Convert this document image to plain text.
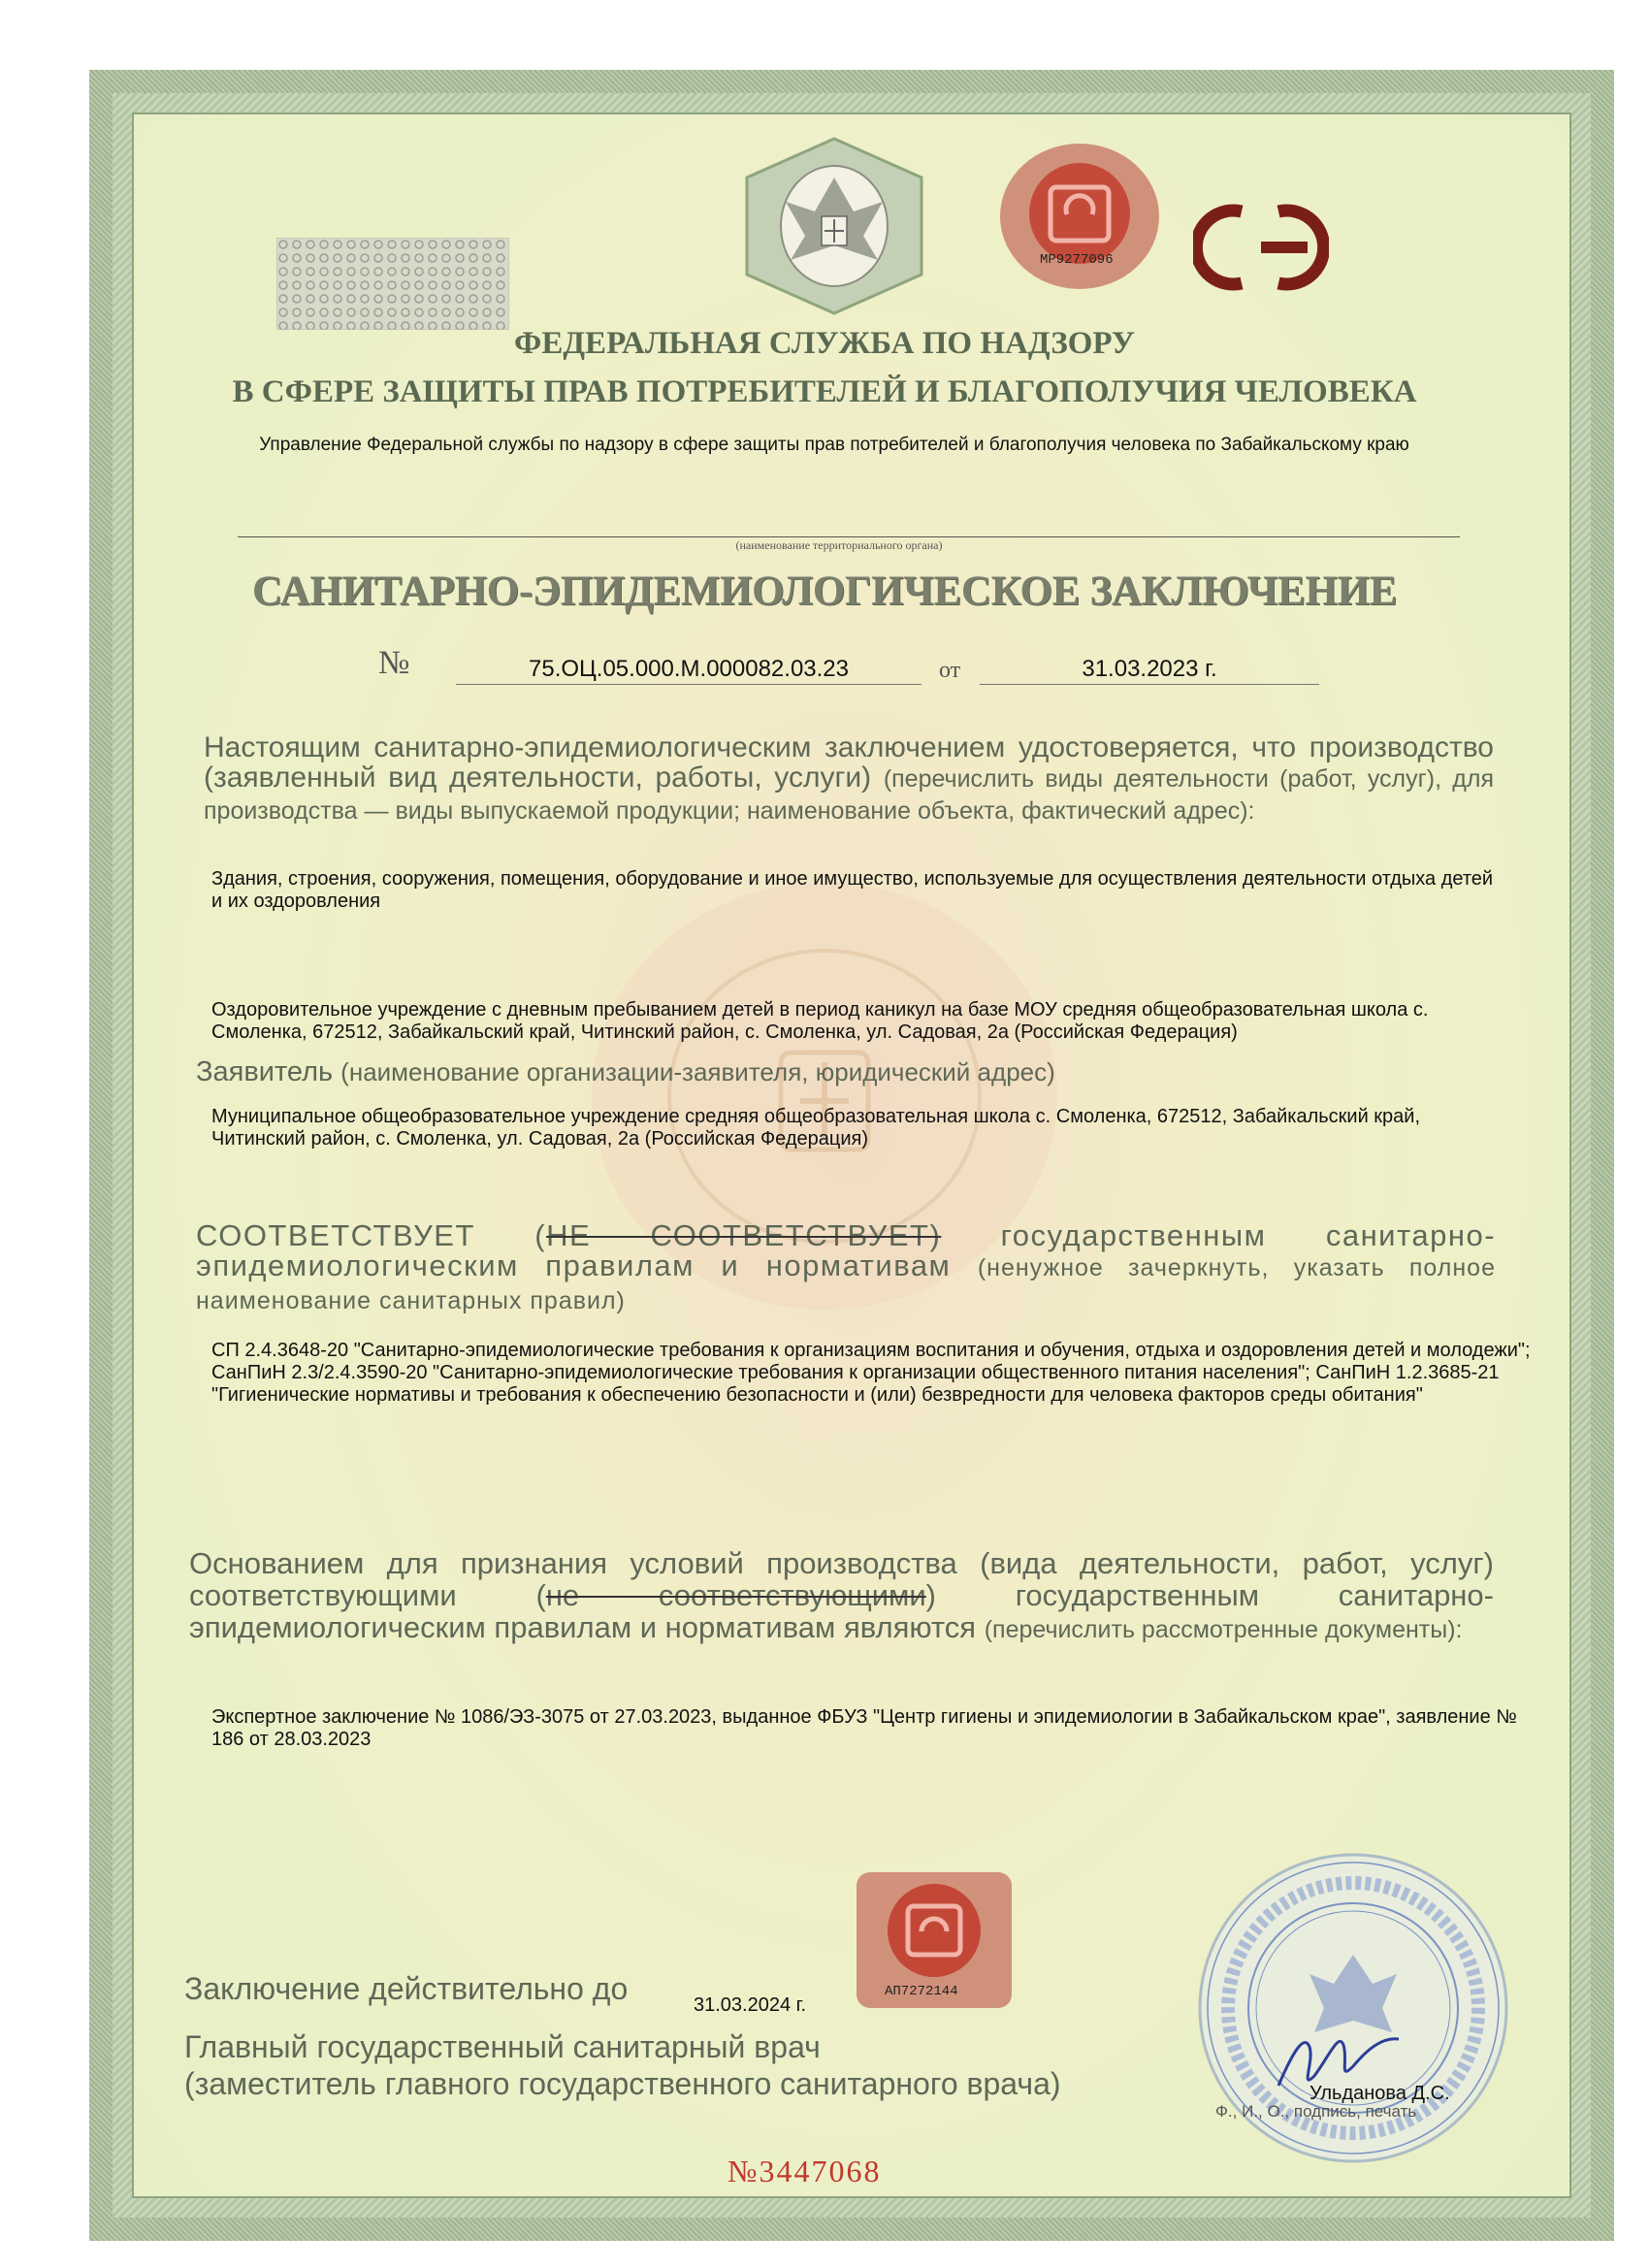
МР9277096
ФЕДЕРАЛЬНАЯ СЛУЖБА ПО НАДЗОРУ
В СФЕРЕ ЗАЩИТЫ ПРАВ ПОТРЕБИТЕЛЕЙ И БЛАГОПОЛУЧИЯ ЧЕЛОВЕКА
Управление Федеральной службы по надзору в сфере защиты прав потребителей и благополучия человека по Забайкальскому краю
(наименование территориального органа)
САНИТАРНО-ЭПИДЕМИОЛОГИЧЕСКОЕ ЗАКЛЮЧЕНИЕ
№	75.ОЦ.05.000.М.000082.03.23	от	31.03.2023 г.
Настоящим санитарно-эпидемиологическим заключением удостоверяется, что производство (заявленный вид деятельности, работы, услуги) (перечислить виды деятельности (работ, услуг), для производства — виды выпускаемой продукции; наименование объекта, фактический адрес):
Здания, строения, сооружения, помещения, оборудование и иное имущество, используемые для осуществления деятельности отдыха детей и их оздоровления
Оздоровительное учреждение с дневным пребыванием детей в период каникул на базе МОУ средняя общеобразовательная школа с. Смоленка, 672512, Забайкальский край, Читинский район, с. Смоленка, ул. Садовая, 2а (Российская Федерация)
Заявитель (наименование организации-заявителя, юридический адрес)
Муниципальное общеобразовательное учреждение средняя общеобразовательная школа с. Смоленка, 672512, Забайкальский край, Читинский район, с. Смоленка, ул. Садовая, 2а (Российская Федерация)
СООТВЕТСТВУЕТ (НЕ СООТВЕТСТВУЕТ) государственным санитарно-эпидемиологическим правилам и нормативам (ненужное зачеркнуть, указать полное наименование санитарных правил)
СП 2.4.3648-20 "Санитарно-эпидемиологические требования к организациям воспитания и обучения, отдыха и оздоровления детей и молодежи"; СанПиН 2.3/2.4.3590-20 "Санитарно-эпидемиологические требования к организации общественного питания населения"; СанПиН 1.2.3685-21 "Гигиенические нормативы и требования к обеспечению безопасности и (или) безвредности для человека факторов среды обитания"
Основанием для признания условий производства (вида деятельности, работ, услуг) соответствующими (не соответствующими) государственным санитарно-эпидемиологическим правилам и нормативам являются (перечислить рассмотренные документы):
Экспертное заключение № 1086/ЭЗ-3075 от 27.03.2023, выданное ФБУЗ "Центр гигиены и эпидемиологии в Забайкальском крае", заявление № 186 от 28.03.2023
АП7272144
Заключение действительно до	31.03.2024 г.
Главный государственный санитарный врач
(заместитель главного государственного санитарного врача)	Ульданова Д.С.
Ф., И., О., подпись, печать
№3447068
